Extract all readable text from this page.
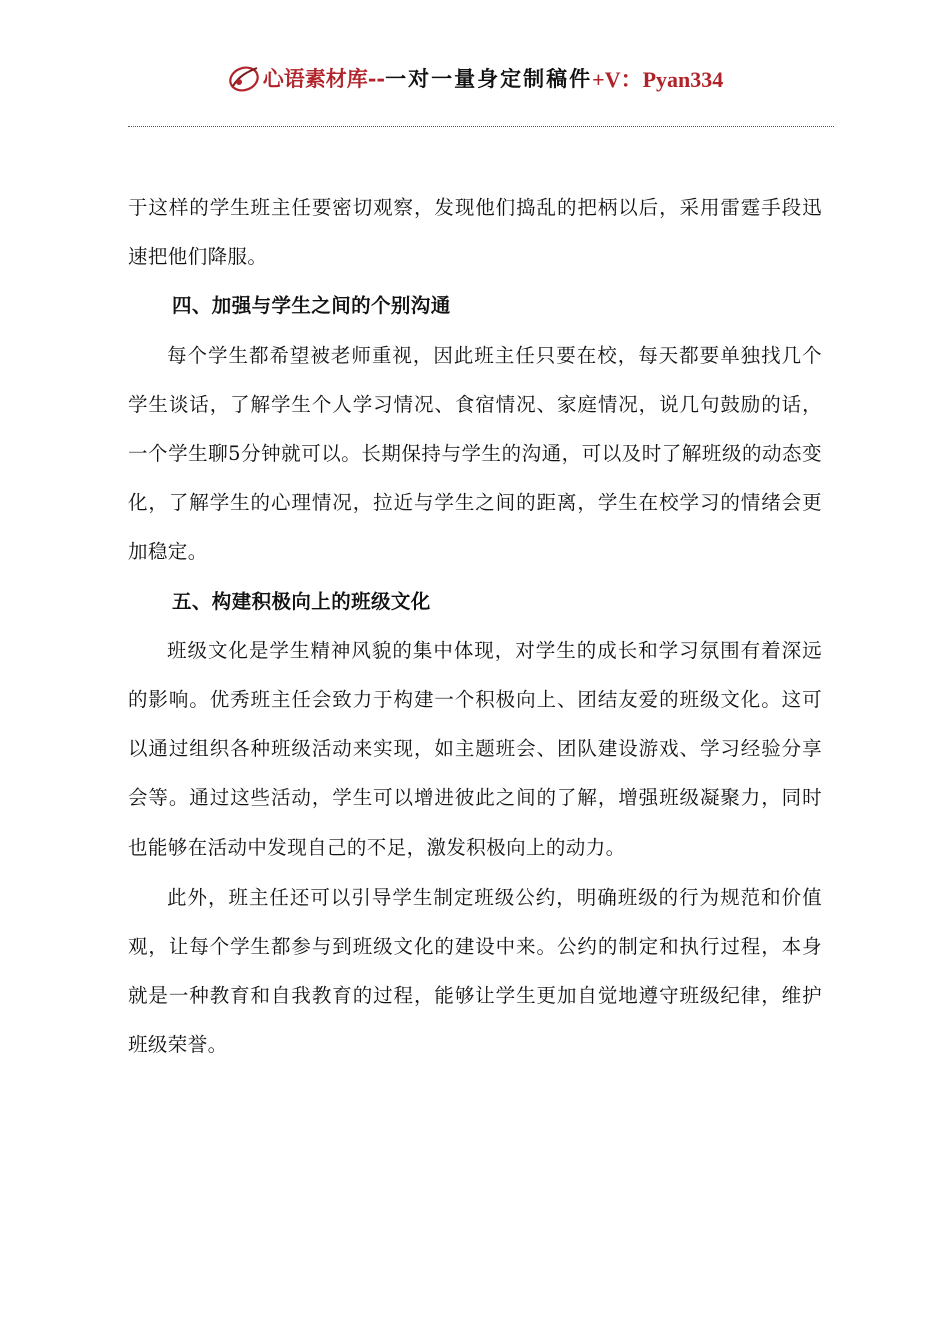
心语素材库 -- 一对一量身定制稿件 +V：Pyan334

于这样的学生班主任要密切观察，发现他们捣乱的把柄以后，采用雷霆手段迅速把他们降服。

四、加强与学生之间的个别沟通

每个学生都希望被老师重视，因此班主任只要在校，每天都要单独找几个学生谈话，了解学生个人学习情况、食宿情况、家庭情况，说几句鼓励的话，一个学生聊5分钟就可以。长期保持与学生的沟通，可以及时了解班级的动态变化，了解学生的心理情况，拉近与学生之间的距离，学生在校学习的情绪会更加稳定。

五、构建积极向上的班级文化

班级文化是学生精神风貌的集中体现，对学生的成长和学习氛围有着深远的影响。优秀班主任会致力于构建一个积极向上、团结友爱的班级文化。这可以通过组织各种班级活动来实现，如主题班会、团队建设游戏、学习经验分享会等。通过这些活动，学生可以增进彼此之间的了解，增强班级凝聚力，同时也能够在活动中发现自己的不足，激发积极向上的动力。

此外，班主任还可以引导学生制定班级公约，明确班级的行为规范和价值观，让每个学生都参与到班级文化的建设中来。公约的制定和执行过程，本身就是一种教育和自我教育的过程，能够让学生更加自觉地遵守班级纪律，维护班级荣誉。
